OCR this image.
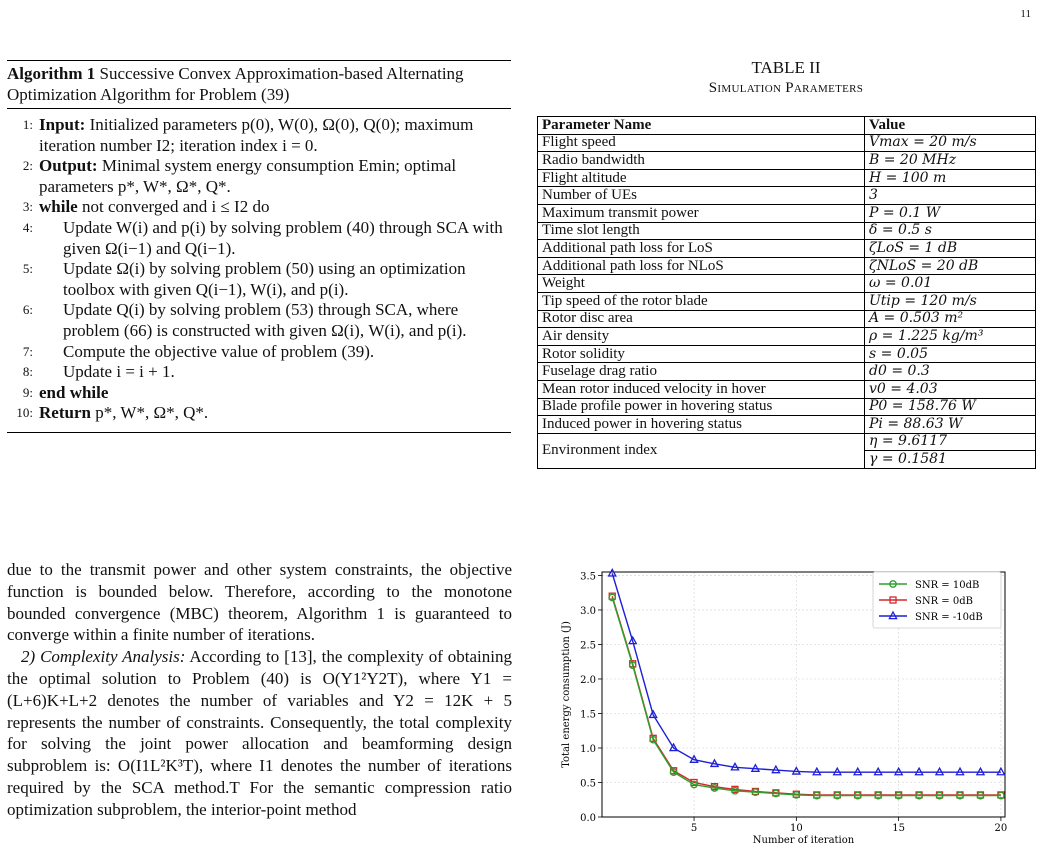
11
Algorithm 1 Successive Convex Approximation-based Alternating Optimization Algorithm for Problem (39)
1: Input: Initialized parameters p(0), W(0), Ω(0), Q(0); maximum iteration number I2; iteration index i = 0.
2: Output: Minimal system energy consumption Emin; optimal parameters p*, W*, Ω*, Q*.
3: while not converged and i ≤ I2 do
4: Update W(i) and p(i) by solving problem (40) through SCA with given Ω(i−1) and Q(i−1).
5: Update Ω(i) by solving problem (50) using an optimization toolbox with given Q(i−1), W(i), and p(i).
6: Update Q(i) by solving problem (53) through SCA, where problem (66) is constructed with given Ω(i), W(i), and p(i).
7: Compute the objective value of problem (39).
8: Update i = i + 1.
9: end while
10: Return p*, W*, Ω*, Q*.

due to the transmit power and other system constraints, the objective function is bounded below. Therefore, according to the monotone bounded convergence (MBC) theorem, Algorithm 1 is guaranteed to converge within a finite number of iterations.

2) Complexity Analysis: According to [13], the complexity of obtaining the optimal solution to Problem (40) is O(Y1²Y2T), where Y1 = (L+6)K+L+2 denotes the number of variables and Y2 = 12K + 5 represents the number of constraints. Consequently, the total complexity for solving the joint power allocation and beamforming design subproblem is: O(I1L²K³T), where I1 denotes the number of iterations required by the SCA method.T For the semantic compression ratio optimization subproblem, the interior-point method

TABLE II
Simulation Parameters
Parameter Name	Value
Flight speed	Vmax = 20 m/s
Radio bandwidth	B = 20 MHz
Flight altitude	H = 100 m
Number of UEs	3
Maximum transmit power	P = 0.1 W
Time slot length	δ = 0.5 s
Additional path loss for LoS	ζLoS = 1 dB
Additional path loss for NLoS	ζNLoS = 20 dB
Weight	ω = 0.01
Tip speed of the rotor blade	Utip = 120 m/s
Rotor disc area	A = 0.503 m²
Air density	ρ = 1.225 kg/m³
Rotor solidity	s = 0.05
Fuselage drag ratio	d0 = 0.3
Mean rotor induced velocity in hover	v0 = 4.03
Blade profile power in hovering status	P0 = 158.76 W
Induced power in hovering status	Pi = 88.63 W
Environment index	η = 9.6117
	γ = 0.1581
0.0
0.5
1.0
1.5
2.0
2.5
3.0
3.5
5	10	15	20
Number of iteration
Total energy consumption (J)
SNR = 10dB
SNR = 0dB
SNR = -10dB
